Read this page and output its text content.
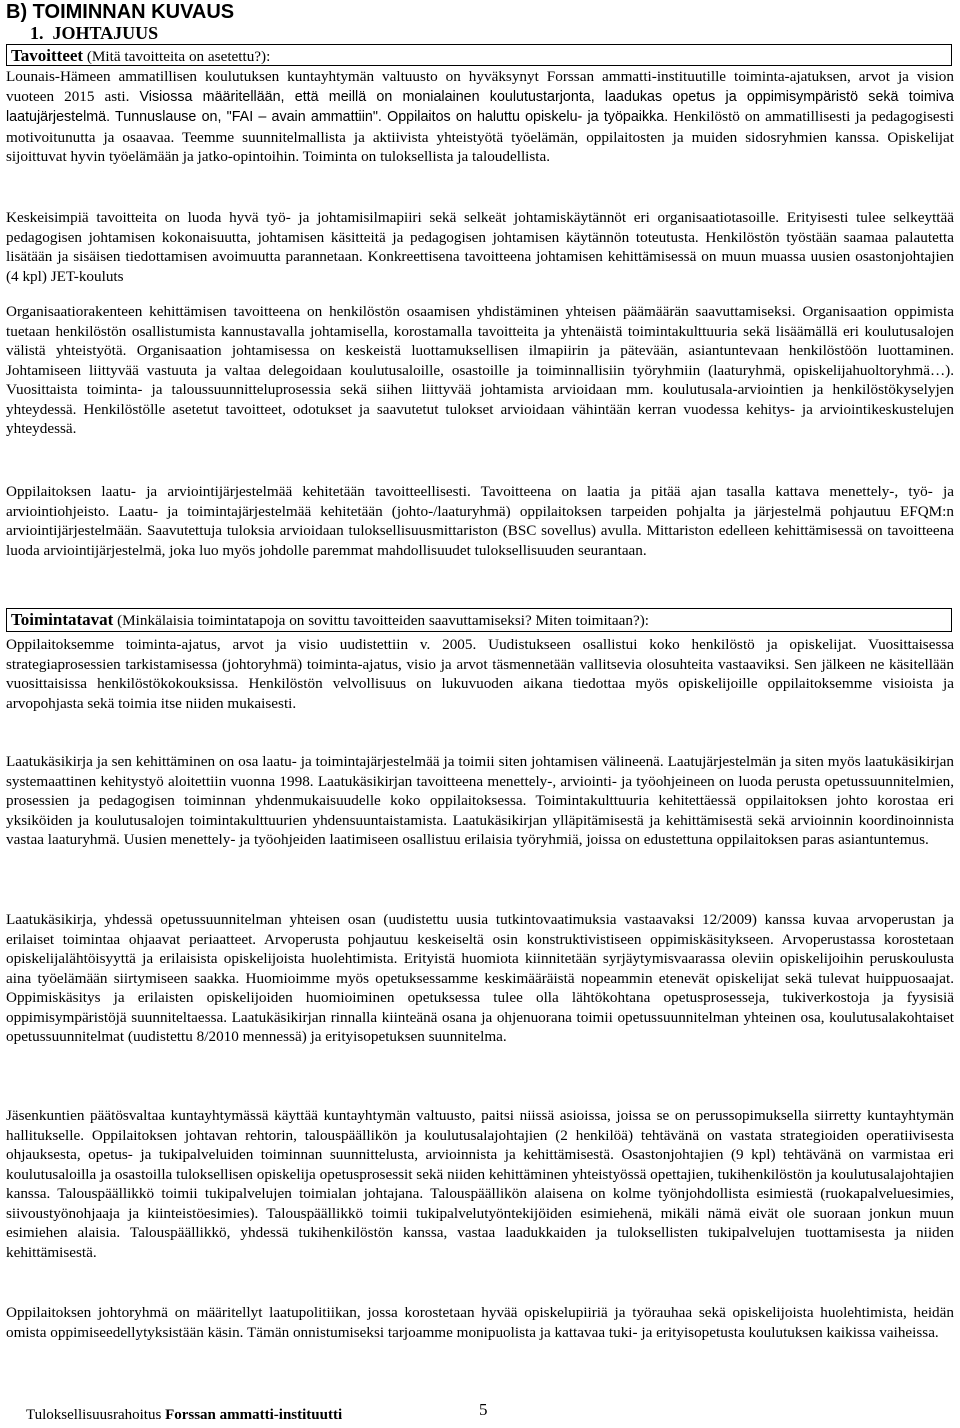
B) TOIMINNAN KUVAUS
1.  JOHTAJUUS
Tavoitteet (Mitä tavoitteita on asetettu?):

Lounais-Hämeen ammatillisen koulutuksen kuntayhtymän valtuusto on hyväksynyt Forssan ammatti-instituutille toiminta-ajatuksen, arvot ja vision vuoteen 2015 asti. Visiossa määritellään, että meillä on monialainen koulutustarjonta, laadukas opetus ja oppimisympäristö sekä toimiva laatujärjestelmä. Tunnuslause on, "FAI – avain ammattiin". Oppilaitos on haluttu opiskelu- ja työpaikka. Henkilöstö on ammatillisesti ja pedagogisesti motivoitunutta ja osaavaa. Teemme suunnitelmallista ja aktiivista yhteistyötä työelämän, oppilaitosten ja muiden sidosryhmien kanssa. Opiskelijat sijoittuvat hyvin työelämään ja jatko-opintoihin. Toiminta on tuloksellista ja taloudellista.

Keskeisimpiä tavoitteita on luoda hyvä työ- ja johtamisilmapiiri sekä selkeät johtamiskäytännöt eri organisaatiotasoille. Erityisesti tulee selkeyttää pedagogisen johtamisen kokonaisuutta, johtamisen käsitteitä ja pedagogisen johtamisen käytännön toteutusta. Henkilöstön työstään saamaa palautetta lisätään ja sisäisen tiedottamisen avoimuutta parannetaan. Konkreettisena tavoitteena johtamisen kehittämisessä on muun muassa uusien osastonjohtajien (4 kpl) JET-kouluts

Organisaatiorakenteen kehittämisen tavoitteena on henkilöstön osaamisen yhdistäminen yhteisen päämäärän saavuttamiseksi. Organisaation oppimista tuetaan henkilöstön osallistumista kannustavalla johtamisella, korostamalla tavoitteita ja yhtenäistä toimintakulttuuria sekä lisäämällä eri koulutusalojen välistä yhteistyötä. Organisaation johtamisessa on keskeistä luottamuksellisen ilmapiirin ja pätevään, asiantuntevaan henkilöstöön luottaminen. Johtamiseen liittyvää vastuuta ja valtaa delegoidaan koulutusaloille, osastoille ja toiminnallisiin työryhmiin (laaturyhmä, opiskelijahuoltoryhmä…). Vuosittaista toiminta- ja taloussuunnitteluprosessia sekä siihen liittyvää johtamista arvioidaan mm. koulutusala-arviointien ja henkilöstökyselyjen yhteydessä. Henkilöstölle asetetut tavoitteet, odotukset ja saavutetut tulokset arvioidaan vähintään kerran vuodessa kehitys- ja arviointikeskustelujen yhteydessä.

Oppilaitoksen laatu- ja arviointijärjestelmää kehitetään tavoitteellisesti. Tavoitteena on laatia ja pitää ajan tasalla kattava menettely-, työ- ja arviointiohjeisto. Laatu- ja toimintajärjestelmää kehitetään (johto-/laaturyhmä) oppilaitoksen tarpeiden pohjalta ja järjestelmä pohjautuu EFQM:n arviointijärjestelmään. Saavutettuja tuloksia arvioidaan tuloksellisuusmittariston (BSC sovellus) avulla. Mittariston edelleen kehittämisessä on tavoitteena luoda arviointijärjestelmä, joka luo myös johdolle paremmat mahdollisuudet tuloksellisuuden seurantaan.

Toimintatavat (Minkälaisia toimintatapoja on sovittu tavoitteiden saavuttamiseksi? Miten toimitaan?):

Oppilaitoksemme toiminta-ajatus, arvot ja visio uudistettiin v. 2005. Uudistukseen osallistui koko henkilöstö ja opiskelijat. Vuosittaisessa strategiaprosessien tarkistamisessa (johtoryhmä) toiminta-ajatus, visio ja arvot täsmennetään vallitsevia olosuhteita vastaaviksi. Sen jälkeen ne käsitellään vuosittaisissa henkilöstökokouksissa. Henkilöstön velvollisuus on lukuvuoden aikana tiedottaa myös opiskelijoille oppilaitoksemme visioista ja arvopohjasta sekä toimia itse niiden mukaisesti.

Laatukäsikirja ja sen kehittäminen on osa laatu- ja toimintajärjestelmää ja toimii siten johtamisen välineenä. Laatujärjestelmän ja siten myös laatukäsikirjan systemaattinen kehitystyö aloitettiin vuonna 1998. Laatukäsikirjan tavoitteena menettely-, arviointi- ja työohjeineen on luoda perusta opetussuunnitelmien, prosessien ja pedagogisen toiminnan yhdenmukaisuudelle koko oppilaitoksessa. Toimintakulttuuria kehitettäessä oppilaitoksen johto korostaa eri yksiköiden ja koulutusalojen toimintakulttuurien yhdensuuntaistamista. Laatukäsikirjan ylläpitämisestä ja kehittämisestä sekä arvioinnin koordinoinnista vastaa laaturyhmä. Uusien menettely- ja työohjeiden laatimiseen osallistuu erilaisia työryhmiä, joissa on edustettuna oppilaitoksen paras asiantuntemus.

Laatukäsikirja, yhdessä opetussuunnitelman yhteisen osan (uudistettu uusia tutkintovaatimuksia vastaavaksi 12/2009) kanssa kuvaa arvoperustan ja erilaiset toimintaa ohjaavat periaatteet. Arvoperusta pohjautuu keskeiseltä osin konstruktivistiseen oppimiskäsitykseen. Arvoperustassa korostetaan opiskelijalähtöisyyttä ja erilaisista opiskelijoista huolehtimista. Erityistä huomiota kiinnitetään syrjäytymisvaarassa oleviin opiskelijoihin peruskoulusta aina työelämään siirtymiseen saakka. Huomioimme myös opetuksessamme keskimääräistä nopeammin etenevät opiskelijat sekä tulevat huippuosaajat. Oppimiskäsitys ja erilaisten opiskelijoiden huomioiminen opetuksessa tulee olla lähtökohtana opetusprosesseja, tukiverkostoja ja fyysisiä oppimisympäristöjä suunniteltaessa. Laatukäsikirjan rinnalla kiinteänä osana ja ohjenuorana toimii opetussuunnitelman yhteinen osa, koulutusalakohtaiset opetussuunnitelmat (uudistettu 8/2010 mennessä) ja erityisopetuksen suunnitelma.

Jäsenkuntien päätösvaltaa kuntayhtymässä käyttää kuntayhtymän valtuusto, paitsi niissä asioissa, joissa se on perussopimuksella siirretty kuntayhtymän hallitukselle. Oppilaitoksen johtavan rehtorin, talouspäällikön ja koulutusalajohtajien (2 henkilöä) tehtävänä on vastata strategioiden operatiivisesta ohjauksesta, opetus- ja tukipalveluiden toiminnan suunnittelusta, arvioinnista ja kehittämisestä. Osastonjohtajien (9 kpl) tehtävänä on varmistaa eri koulutusaloilla ja osastoilla tuloksellisen opiskelija opetusprosessit sekä niiden kehittäminen yhteistyössä opettajien, tukihenkilöstön ja koulutusalajohtajien kanssa. Talouspäällikkö toimii tukipalvelujen toimialan johtajana. Talouspäällikön alaisena on kolme työnjohdollista esimiestä (ruokapalveluesimies, siivoustyönohjaaja ja kiinteistöesimies). Talouspäällikkö toimii tukipalvelutyöntekijöiden esimiehenä, mikäli nämä eivät ole suoraan jonkun muun esimiehen alaisia. Talouspäällikkö, yhdessä tukihenkilöstön kanssa, vastaa laadukkaiden ja tuloksellisten tukipalvelujen tuottamisesta ja niiden kehittämisestä.

Oppilaitoksen johtoryhmä on määritellyt laatupolitiikan, jossa korostetaan hyvää opiskelupiiriä ja työrauhaa sekä opiskelijoista huolehtimista, heidän omista oppimiseedellytyksistään käsin. Tämän onnistumiseksi tarjoamme monipuolista ja kattavaa tuki- ja erityisopetusta koulutuksen kaikissa vaiheissa.

Tuloksellisuusrahoitus Forssan ammatti-instituutti	5
